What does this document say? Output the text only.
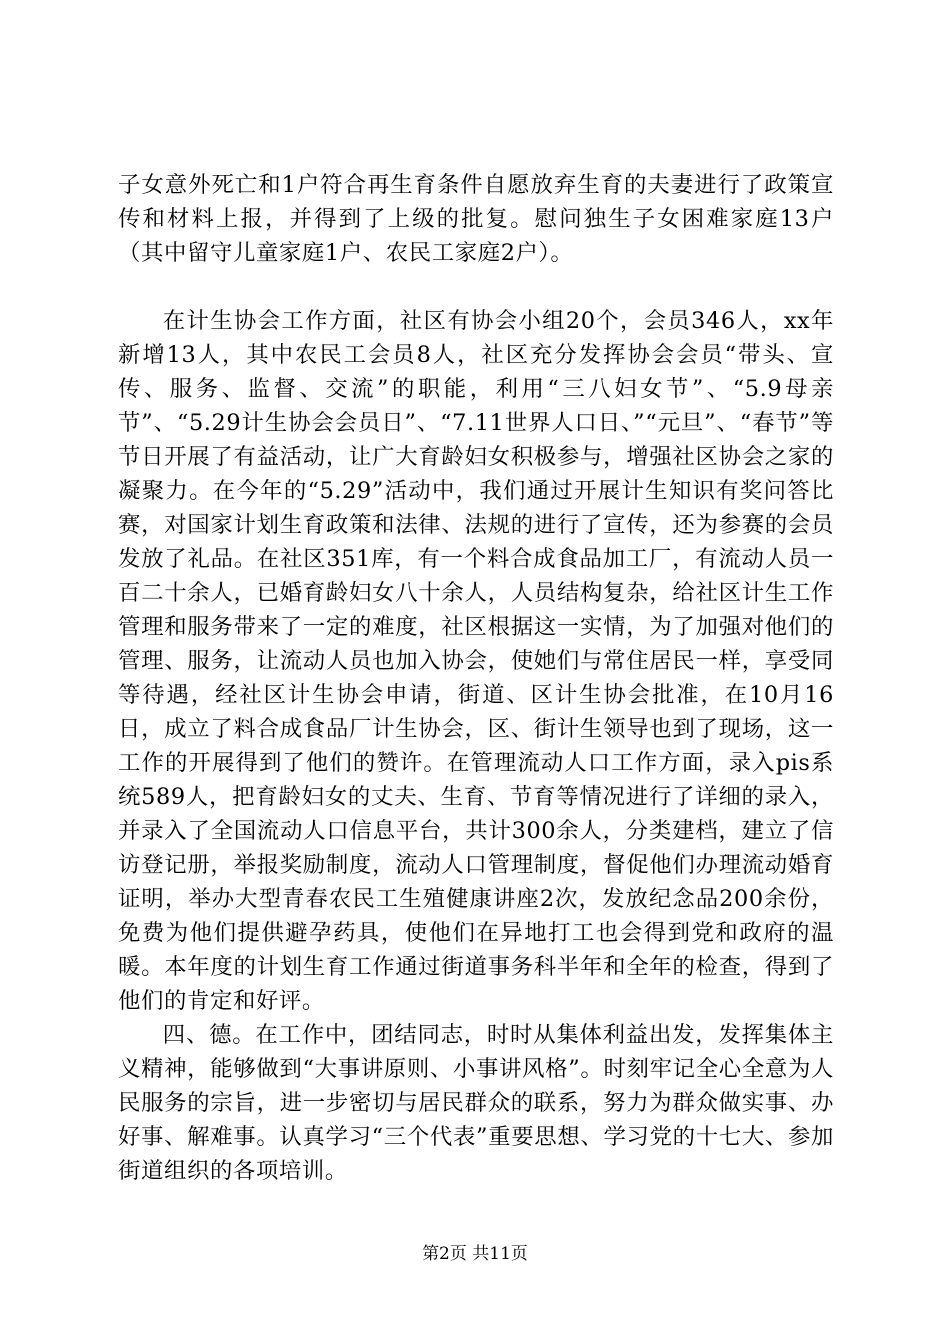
子女意外死亡和1户符合再生育条件自愿放弃生育的夫妻进行了政策宣传和材料上报，并得到了上级的批复。慰问独生子女困难家庭13户（其中留守儿童家庭1户、农民工家庭2户）。

在计生协会工作方面，社区有协会小组20个，会员346人，xx年新增13人，其中农民工会员8人，社区充分发挥协会会员“带头、宣传、服务、监督、交流”的职能，利用“三八妇女节”、“5.9母亲节”、“5.29计生协会会员日”、“7.11世界人口日、”“元旦”、“春节”等节日开展了有益活动，让广大育龄妇女积极参与，增强社区协会之家的凝聚力。在今年的“5.29”活动中，我们通过开展计生知识有奖问答比赛，对国家计划生育政策和法律、法规的进行了宣传，还为参赛的会员发放了礼品。在社区351库，有一个料合成食品加工厂，有流动人员一百二十余人，已婚育龄妇女八十余人，人员结构复杂，给社区计生工作管理和服务带来了一定的难度，社区根据这一实情，为了加强对他们的管理、服务，让流动人员也加入协会，使她们与常住居民一样，享受同等待遇，经社区计生协会申请，街道、区计生协会批准，在10月16日，成立了料合成食品厂计生协会，区、街计生领导也到了现场，这一工作的开展得到了他们的赞许。在管理流动人口工作方面，录入pis系统589人，把育龄妇女的丈夫、生育、节育等情况进行了详细的录入，并录入了全国流动人口信息平台，共计300余人，分类建档，建立了信访登记册，举报奖励制度，流动人口管理制度，督促他们办理流动婚育证明，举办大型青春农民工生殖健康讲座2次，发放纪念品200余份，免费为他们提供避孕药具，使他们在异地打工也会得到党和政府的温暖。本年度的计划生育工作通过街道事务科半年和全年的检查，得到了他们的肯定和好评。

四、德。在工作中，团结同志，时时从集体利益出发，发挥集体主义精神，能够做到“大事讲原则、小事讲风格”。时刻牢记全心全意为人民服务的宗旨，进一步密切与居民群众的联系，努力为群众做实事、办好事、解难事。认真学习“三个代表”重要思想、学习党的十七大、参加街道组织的各项培训。

第2页 共11页
